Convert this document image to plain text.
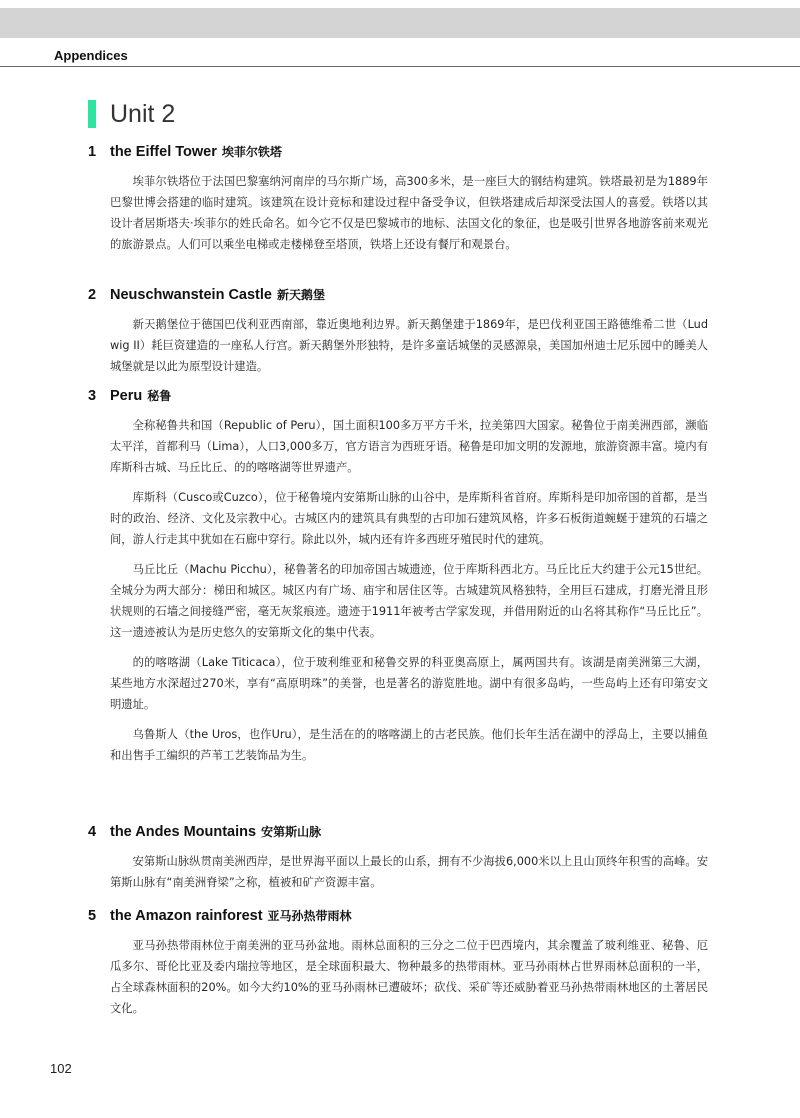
Appendices
Unit 2
1 the Eiffel Tower 埃菲尔铁塔

埃菲尔铁塔位于法国巴黎塞纳河南岸的马尔斯广场，高300多米，是一座巨大的钢结构建筑。铁塔最初是为1889年巴黎世博会搭建的临时建筑。该建筑在设计竞标和建设过程中备受争议，但铁塔建成后却深受法国人的喜爱。铁塔以其设计者居斯塔夫·埃菲尔的姓氏命名。如今它不仅是巴黎城市的地标、法国文化的象征，也是吸引世界各地游客前来观光的旅游景点。人们可以乘坐电梯或走楼梯登至塔顶，铁塔上还设有餐厅和观景台。

2 Neuschwanstein Castle 新天鹅堡

新天鹅堡位于德国巴伐利亚西南部，靠近奥地利边界。新天鹅堡建于1869年，是巴伐利亚国王路德维希二世（Ludwig II）耗巨资建造的一座私人行宫。新天鹅堡外形独特，是许多童话城堡的灵感源泉，美国加州迪士尼乐园中的睡美人城堡就是以此为原型设计建造。

3 Peru 秘鲁

全称秘鲁共和国（Republic of Peru），国土面积100多万平方千米，拉美第四大国家。秘鲁位于南美洲西部，濒临太平洋，首都利马（Lima），人口3,000多万，官方语言为西班牙语。秘鲁是印加文明的发源地，旅游资源丰富。境内有库斯科古城、马丘比丘、的的喀喀湖等世界遗产。

库斯科（Cusco或Cuzco），位于秘鲁境内安第斯山脉的山谷中，是库斯科省首府。库斯科是印加帝国的首都，是当时的政治、经济、文化及宗教中心。古城区内的建筑具有典型的古印加石建筑风格，许多石板街道蜿蜒于建筑的石墙之间，游人行走其中犹如在石廊中穿行。除此以外，城内还有许多西班牙殖民时代的建筑。

马丘比丘（Machu Picchu），秘鲁著名的印加帝国古城遗迹，位于库斯科西北方。马丘比丘大约建于公元15世纪。全城分为两大部分：梯田和城区。城区内有广场、庙宇和居住区等。古城建筑风格独特，全用巨石建成，打磨光滑且形状规则的石墙之间接缝严密，毫无灰浆痕迹。遗迹于1911年被考古学家发现，并借用附近的山名将其称作“马丘比丘”。这一遗迹被认为是历史悠久的安第斯文化的集中代表。

的的喀喀湖（Lake Titicaca），位于玻利维亚和秘鲁交界的科亚奥高原上，属两国共有。该湖是南美洲第三大湖，某些地方水深超过270米，享有“高原明珠”的美誉，也是著名的游览胜地。湖中有很多岛屿，一些岛屿上还有印第安文明遗址。

乌鲁斯人（the Uros，也作Uru），是生活在的的喀喀湖上的古老民族。他们长年生活在湖中的浮岛上，主要以捕鱼和出售手工编织的芦苇工艺装饰品为生。

4 the Andes Mountains 安第斯山脉

安第斯山脉纵贯南美洲西岸，是世界海平面以上最长的山系，拥有不少海拔6,000米以上且山顶终年积雪的高峰。安第斯山脉有“南美洲脊梁”之称，植被和矿产资源丰富。

5 the Amazon rainforest 亚马孙热带雨林

亚马孙热带雨林位于南美洲的亚马孙盆地。雨林总面积的三分之二位于巴西境内，其余覆盖了玻利维亚、秘鲁、厄瓜多尔、哥伦比亚及委内瑞拉等地区，是全球面积最大、物种最多的热带雨林。亚马孙雨林占世界雨林总面积的一半，占全球森林面积的20%。如今大约10%的亚马孙雨林已遭破坏；砍伐、采矿等还威胁着亚马孙热带雨林地区的土著居民文化。

102
